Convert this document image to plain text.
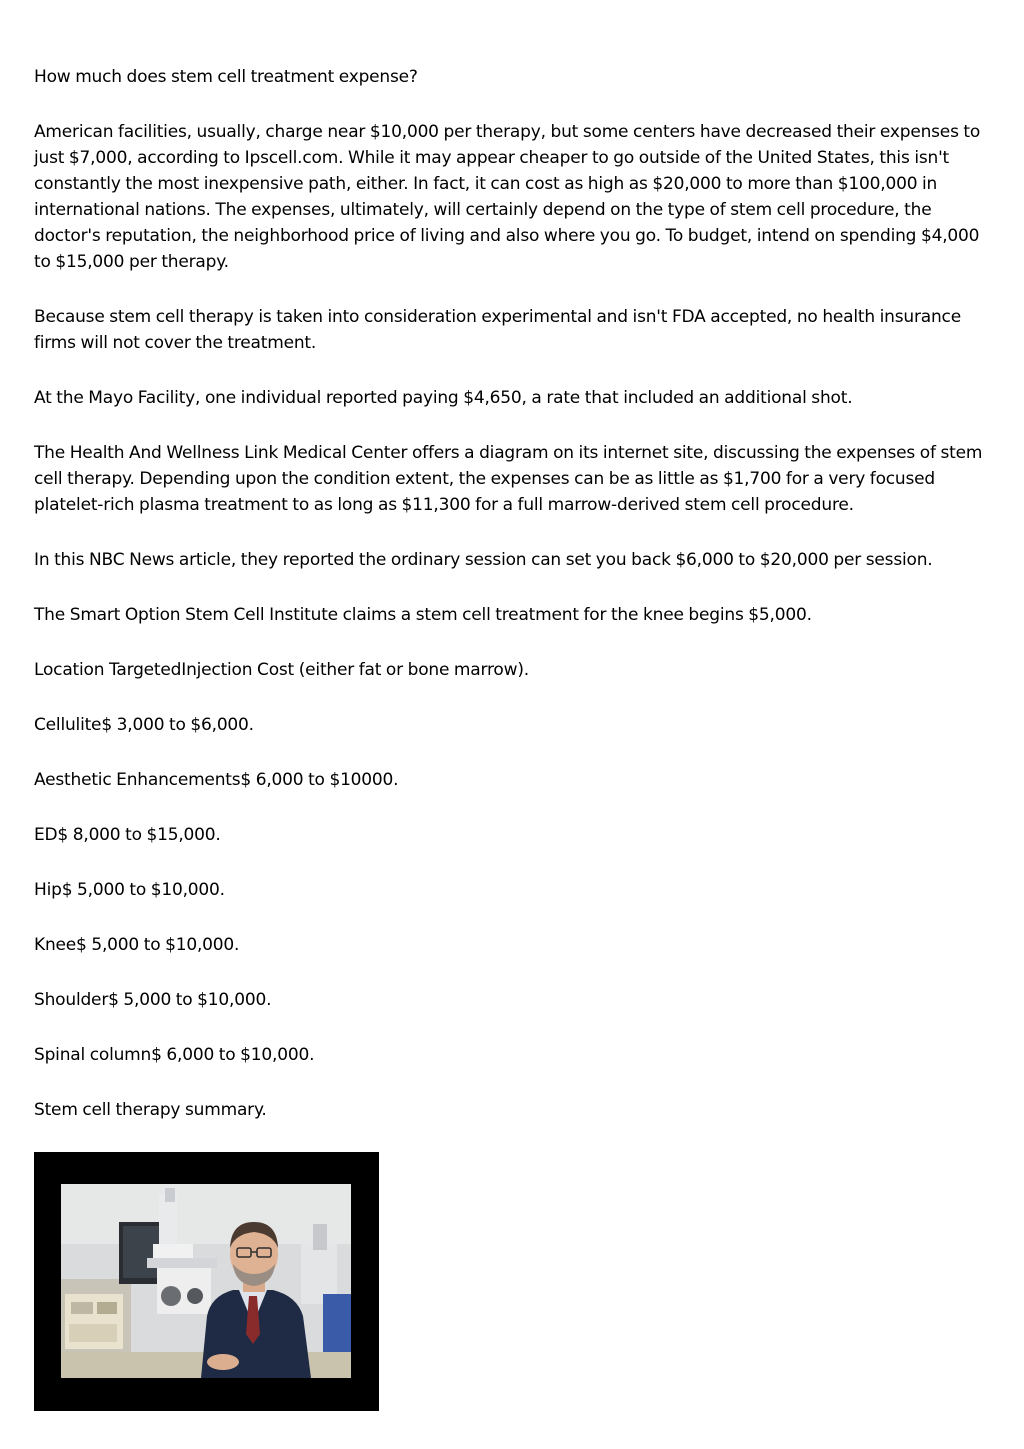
How much does stem cell treatment expense?

American facilities, usually, charge near $10,000 per therapy, but some centers have decreased their expenses to just $7,000, according to Ipscell.com. While it may appear cheaper to go outside of the United States, this isn't constantly the most inexpensive path, either. In fact, it can cost as high as $20,000 to more than $100,000 in international nations. The expenses, ultimately, will certainly depend on the type of stem cell procedure, the doctor's reputation, the neighborhood price of living and also where you go. To budget, intend on spending $4,000 to $15,000 per therapy.

Because stem cell therapy is taken into consideration experimental and isn't FDA accepted, no health insurance firms will not cover the treatment.

At the Mayo Facility, one individual reported paying $4,650, a rate that included an additional shot.

The Health And Wellness Link Medical Center offers a diagram on its internet site, discussing the expenses of stem cell therapy. Depending upon the condition extent, the expenses can be as little as $1,700 for a very focused platelet-rich plasma treatment to as long as $11,300 for a full marrow-derived stem cell procedure.

In this NBC News article, they reported the ordinary session can set you back $6,000 to $20,000 per session.

The Smart Option Stem Cell Institute claims a stem cell treatment for the knee begins $5,000.

Location TargetedInjection Cost (either fat or bone marrow).

Cellulite$ 3,000 to $6,000.

Aesthetic Enhancements$ 6,000 to $10000.

ED$ 8,000 to $15,000.

Hip$ 5,000 to $10,000.

Knee$ 5,000 to $10,000.

Shoulder$ 5,000 to $10,000.

Spinal column$ 6,000 to $10,000.

Stem cell therapy summary.
